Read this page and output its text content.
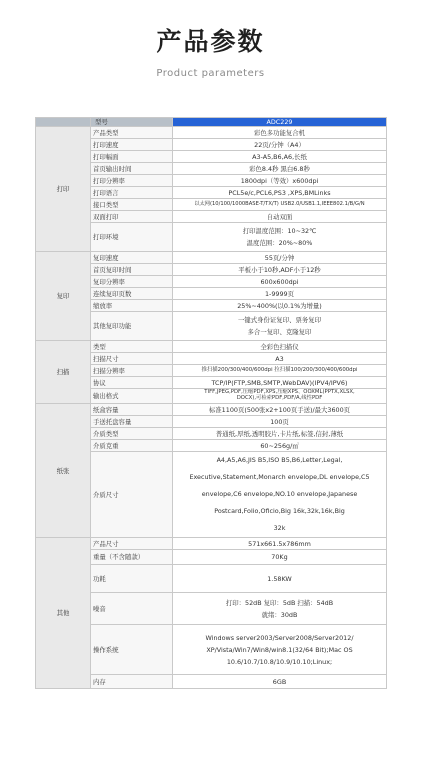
产品参数
Product parameters
	型号	ADC229
打印	产品类型	彩色多功能复合机
	打印速度	22页/分钟（A4）
	打印幅面	A3-A5,B6,A6,长纸
	首页输出时间	彩色8.4秒 黑白6.8秒
	打印分辨率	1800dpi（等效）x600dpi
	打印语言	PCL5e/c,PCL6,PS3 ,XPS,BMLinks
	接口类型	以太网(10/100/1000BASE-T/TX/T) USB2.0/USB1.1,IEEE802.1/B/G/N
	双面打印	自动双面
	打印环境	打印温度范围：10~32℃
温度范围：20%~80%

复印	复印速度	55页/分钟
	首页复印时间	平板小于10秒,ADF小于12秒
	复印分辨率	600x600dpi
	连续复印页数	1-9999页
	缩放率	25%~400%(以0.1%为增量)
	其他复印功能	一键式身份证复印、票务复印
多合一复印、克隆复印

扫描	类型	全彩色扫描仪
	扫描尺寸	A3
	扫描分辨率	推扫描200/300/400/600dpi 拉扫描100/200/300/400/600dpi
	协议	TCP/IP(FTP,SMB,SMTP,WebDAV)(IPV4/IPV6)
	输出格式	TIFF,JPEG,PDF,压缩PDF,XPS,压缩XPS、OOXML(PPTX,XLSX,
DOCX),可检索PDF,PDF/A,线性PDF

纸张	纸盒容量	标准1100页(500张x2+100页手送)/最大3600页
	手送托盘容量	100页
	介质类型	普通纸,厚纸,透明胶片,卡片纸,标签,信封,薄纸
	介质克重	60~256g/㎡
	介质尺寸	A4,A5,A6,JIS B5,ISO B5,B6,Letter,Legal,
Executive,Statement,Monarch envelope,DL envelope,C5
envelope,C6 envelope,NO.10 envelope,Japanese
Postcard,Folio,Oficio,Big 16k,32k,16k,Big
32k

其他	产品尺寸	571x661.5x786mm
	重量（不含随款）	70Kg
	功耗	1.58KW
	噪音	打印：52dB 复印：5dB 扫描：54dB
就绪：30dB

	操作系统	Windows server2003/Server2008/Server2012/
XP/Vista/Win7/Win8/win8.1(32/64 Bit);Mac OS
10.6/10.7/10.8/10.9/10.10;Linux;

	内存	6GB
